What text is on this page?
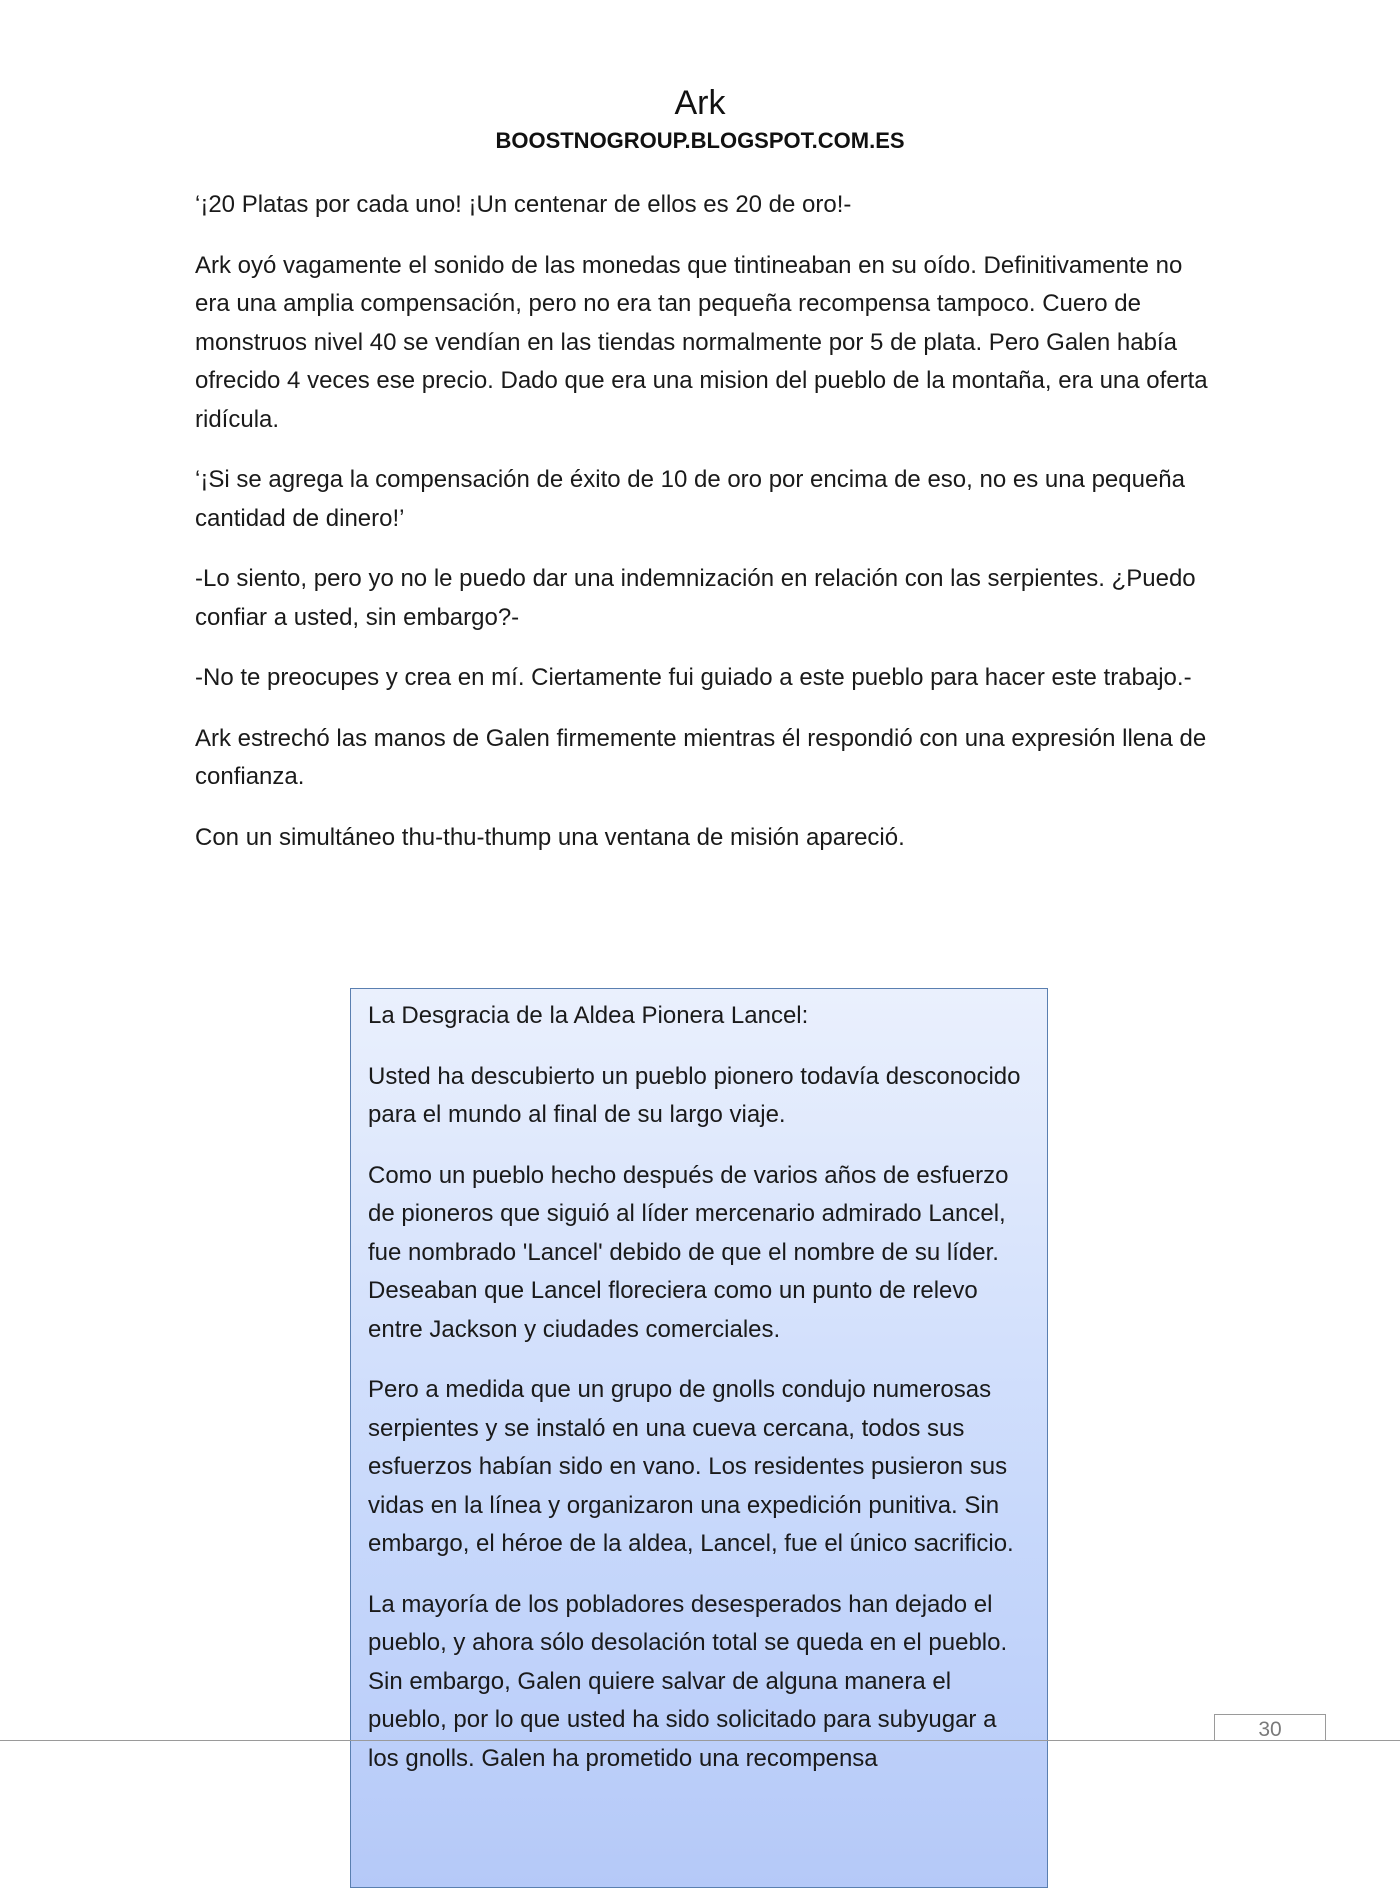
Ark
BOOSTNOGROUP.BLOGSPOT.COM.ES

‘¡20 Platas por cada uno! ¡Un centenar de ellos es 20 de oro!-

Ark oyó vagamente el sonido de las monedas que tintineaban en su oído. Definitivamente no era una amplia compensación, pero no era tan pequeña recompensa tampoco. Cuero de monstruos nivel 40 se vendían en las tiendas normalmente por 5 de plata. Pero Galen había ofrecido 4 veces ese precio. Dado que era una mision del pueblo de la montaña, era una oferta ridícula.

‘¡Si se agrega la compensación de éxito de 10 de oro por encima de eso, no es una pequeña cantidad de dinero!’

-Lo siento, pero yo no le puedo dar una indemnización en relación con las serpientes. ¿Puedo confiar a usted, sin embargo?-

-No te preocupes y crea en mí. Ciertamente fui guiado a este pueblo para hacer este trabajo.-

Ark estrechó las manos de Galen firmemente mientras él respondió con una expresión llena de confianza.

Con un simultáneo thu-thu-thump una ventana de misión apareció.

La Desgracia de la Aldea Pionera Lancel:

Usted ha descubierto un pueblo pionero todavía desconocido para el mundo al final de su largo viaje.

Como un pueblo hecho después de varios años de esfuerzo de pioneros que siguió al líder mercenario admirado Lancel, fue nombrado 'Lancel' debido de que el nombre de su líder. Deseaban que Lancel floreciera como un punto de relevo entre Jackson y ciudades comerciales.

Pero a medida que un grupo de gnolls condujo numerosas serpientes y se instaló en una cueva cercana, todos sus esfuerzos habían sido en vano. Los residentes pusieron sus vidas en la línea y organizaron una expedición punitiva. Sin embargo, el héroe de la aldea, Lancel, fue el único sacrificio.

La mayoría de los pobladores desesperados han dejado el pueblo, y ahora sólo desolación total se queda en el pueblo. Sin embargo, Galen quiere salvar de alguna manera el pueblo, por lo que usted ha sido solicitado para subyugar a los gnolls. Galen ha prometido una recompensa

30
